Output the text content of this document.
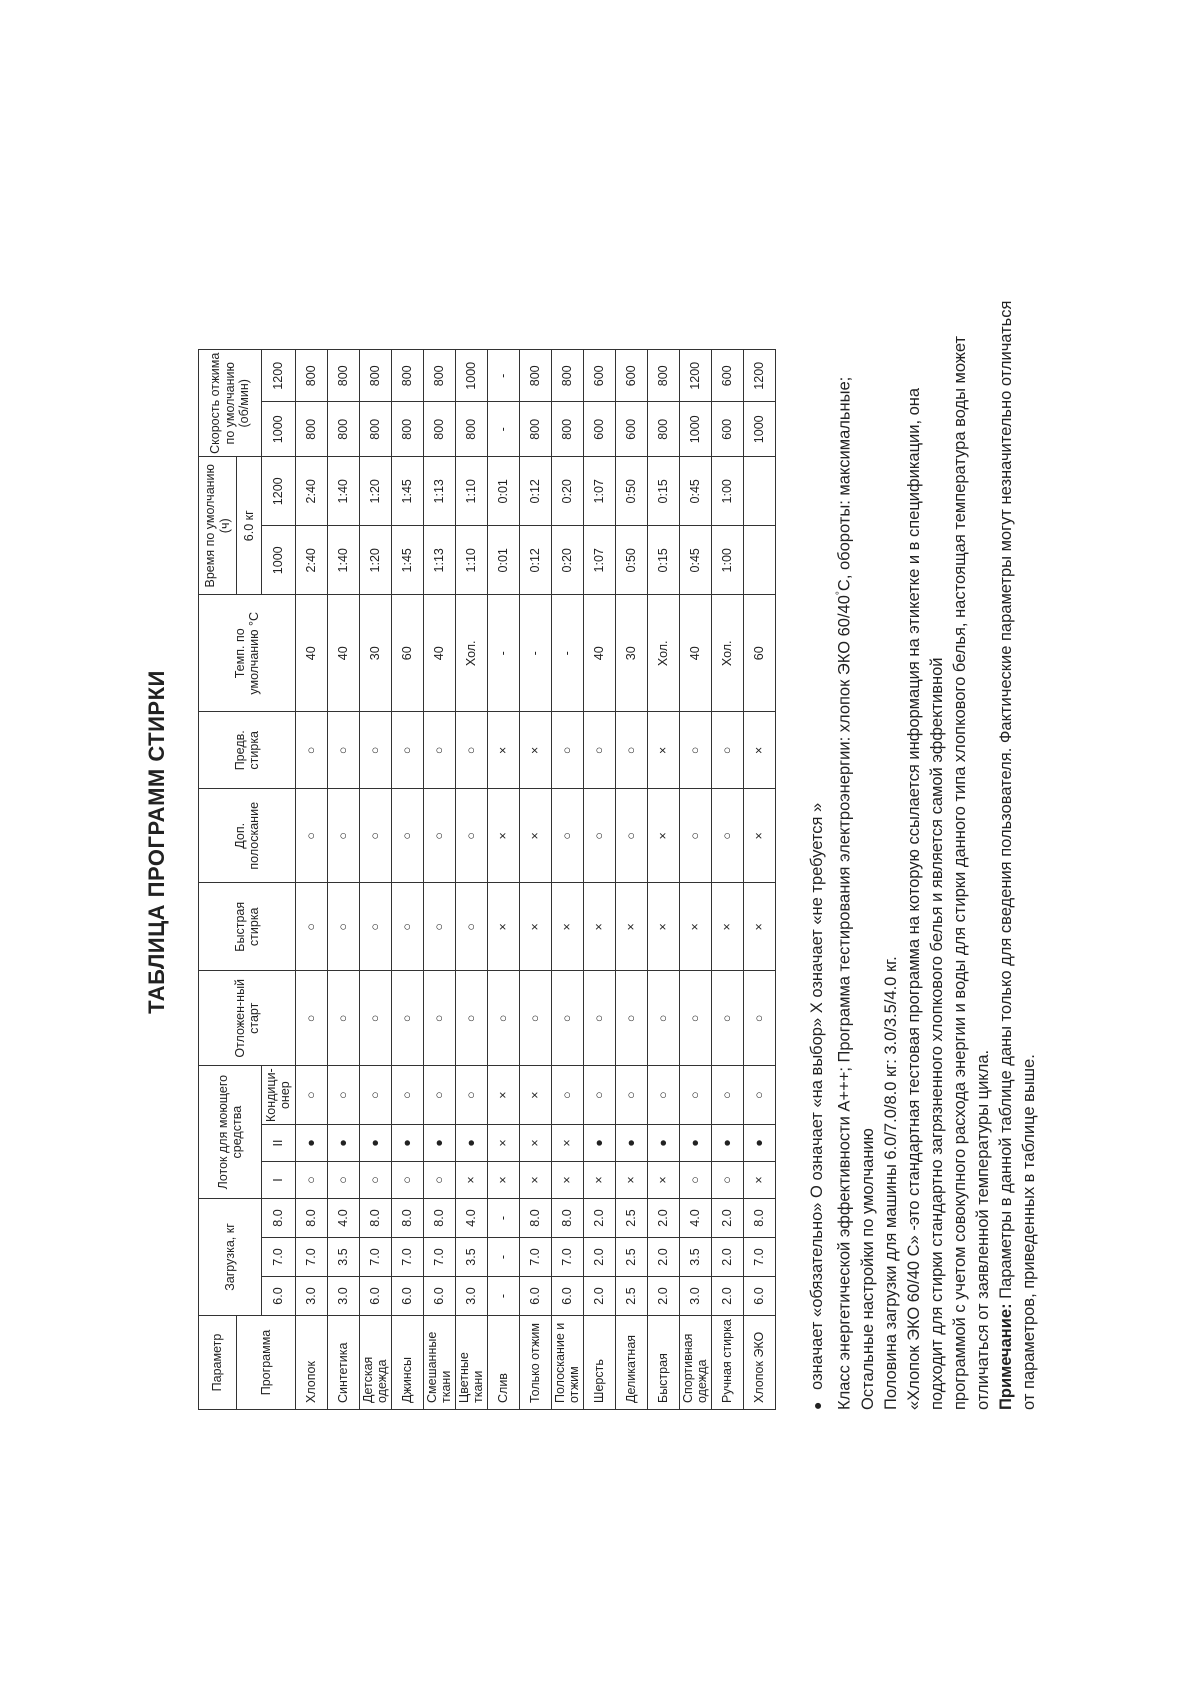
ТАБЛИЦА ПРОГРАММ СТИРКИ
Параметр	Загрузка, кг			Лоток для моющего средства			Отложен-ный старт	Быстрая стирка	Доп. полоскание	Предв. стирка	Темп. по умолчанию °C	Время по умолчанию (ч)		Скорость отжима по умолчанию (об/мин)	
Программа												6.0 кг			
	6.0	7.0	8.0	I	II	Кондици-онер						1000	1200	1000	1200
Хлопок	3.0	7.0	8.0	○	●	○	○	○	○	○	40	2:40	2:40	800	800
Синтетика	3.0	3.5	4.0	○	●	○	○	○	○	○	40	1:40	1:40	800	800
Детская одежда	6.0	7.0	8.0	○	●	○	○	○	○	○	30	1:20	1:20	800	800
Джинсы	6.0	7.0	8.0	○	●	○	○	○	○	○	60	1:45	1:45	800	800
Смешанные ткани	6.0	7.0	8.0	○	●	○	○	○	○	○	40	1:13	1:13	800	800
Цветные ткани	3.0	3.5	4.0	×	●	○	○	○	○	○	Хол.	1:10	1:10	800	1000
Слив	-	-	-	×	×	×	○	×	×	×	-	0:01	0:01	-	-
Только отжим	6.0	7.0	8.0	×	×	×	○	×	×	×	-	0:12	0:12	800	800
Полоскание и отжим	6.0	7.0	8.0	×	×	○	○	×	○	○	-	0:20	0:20	800	800
Шерсть	2.0	2.0	2.0	×	●	○	○	×	○	○	40	1:07	1:07	600	600
Деликатная	2.5	2.5	2.5	×	●	○	○	×	○	○	30	0:50	0:50	600	600
Быстрая	2.0	2.0	2.0	×	●	○	○	×	×	×	Хол.	0:15	0:15	800	800
Спортивная одежда	3.0	3.5	4.0	○	●	○	○	×	○	○	40	0:45	0:45	1000	1200
Ручная стирка	2.0	2.0	2.0	○	●	○	○	×	○	○	Хол.	1:00	1:00	600	600
Хлопок ЭКО	6.0	7.0	8.0	×	●	○	○	×	×	×	60			1000	1200

●означает «обязательно» О означает «на выбор» Х означает «не требуется » Класс энергетической эффективности А+++; Программа тестирования электроэнергии: хлопок ЭКО 60/40°C, обороты: максимальные;

Остальные настройки по умолчанию Половина загрузки для машины 6.0/7.0/8.0 кг: 3.0/3.5/4.0 кг. «Хлопок ЭКО 60/40 С» -это стандартная тестовая программа на которую ссылается информация на этикетке и в спецификации, она подходит для стирки стандартно загрязненного хлопкового белья и является самой эффективной программой с учетом совокупного расхода энергии и воды для стирки данного типа хлопкового белья, настоящая температура воды может отличаться от заявленной температуры цикла. Примечание: Параметры в данной таблице даны только для сведения пользователя. Фактические параметры могут незначительно отличаться от параметров, приведенных в таблице выше.
